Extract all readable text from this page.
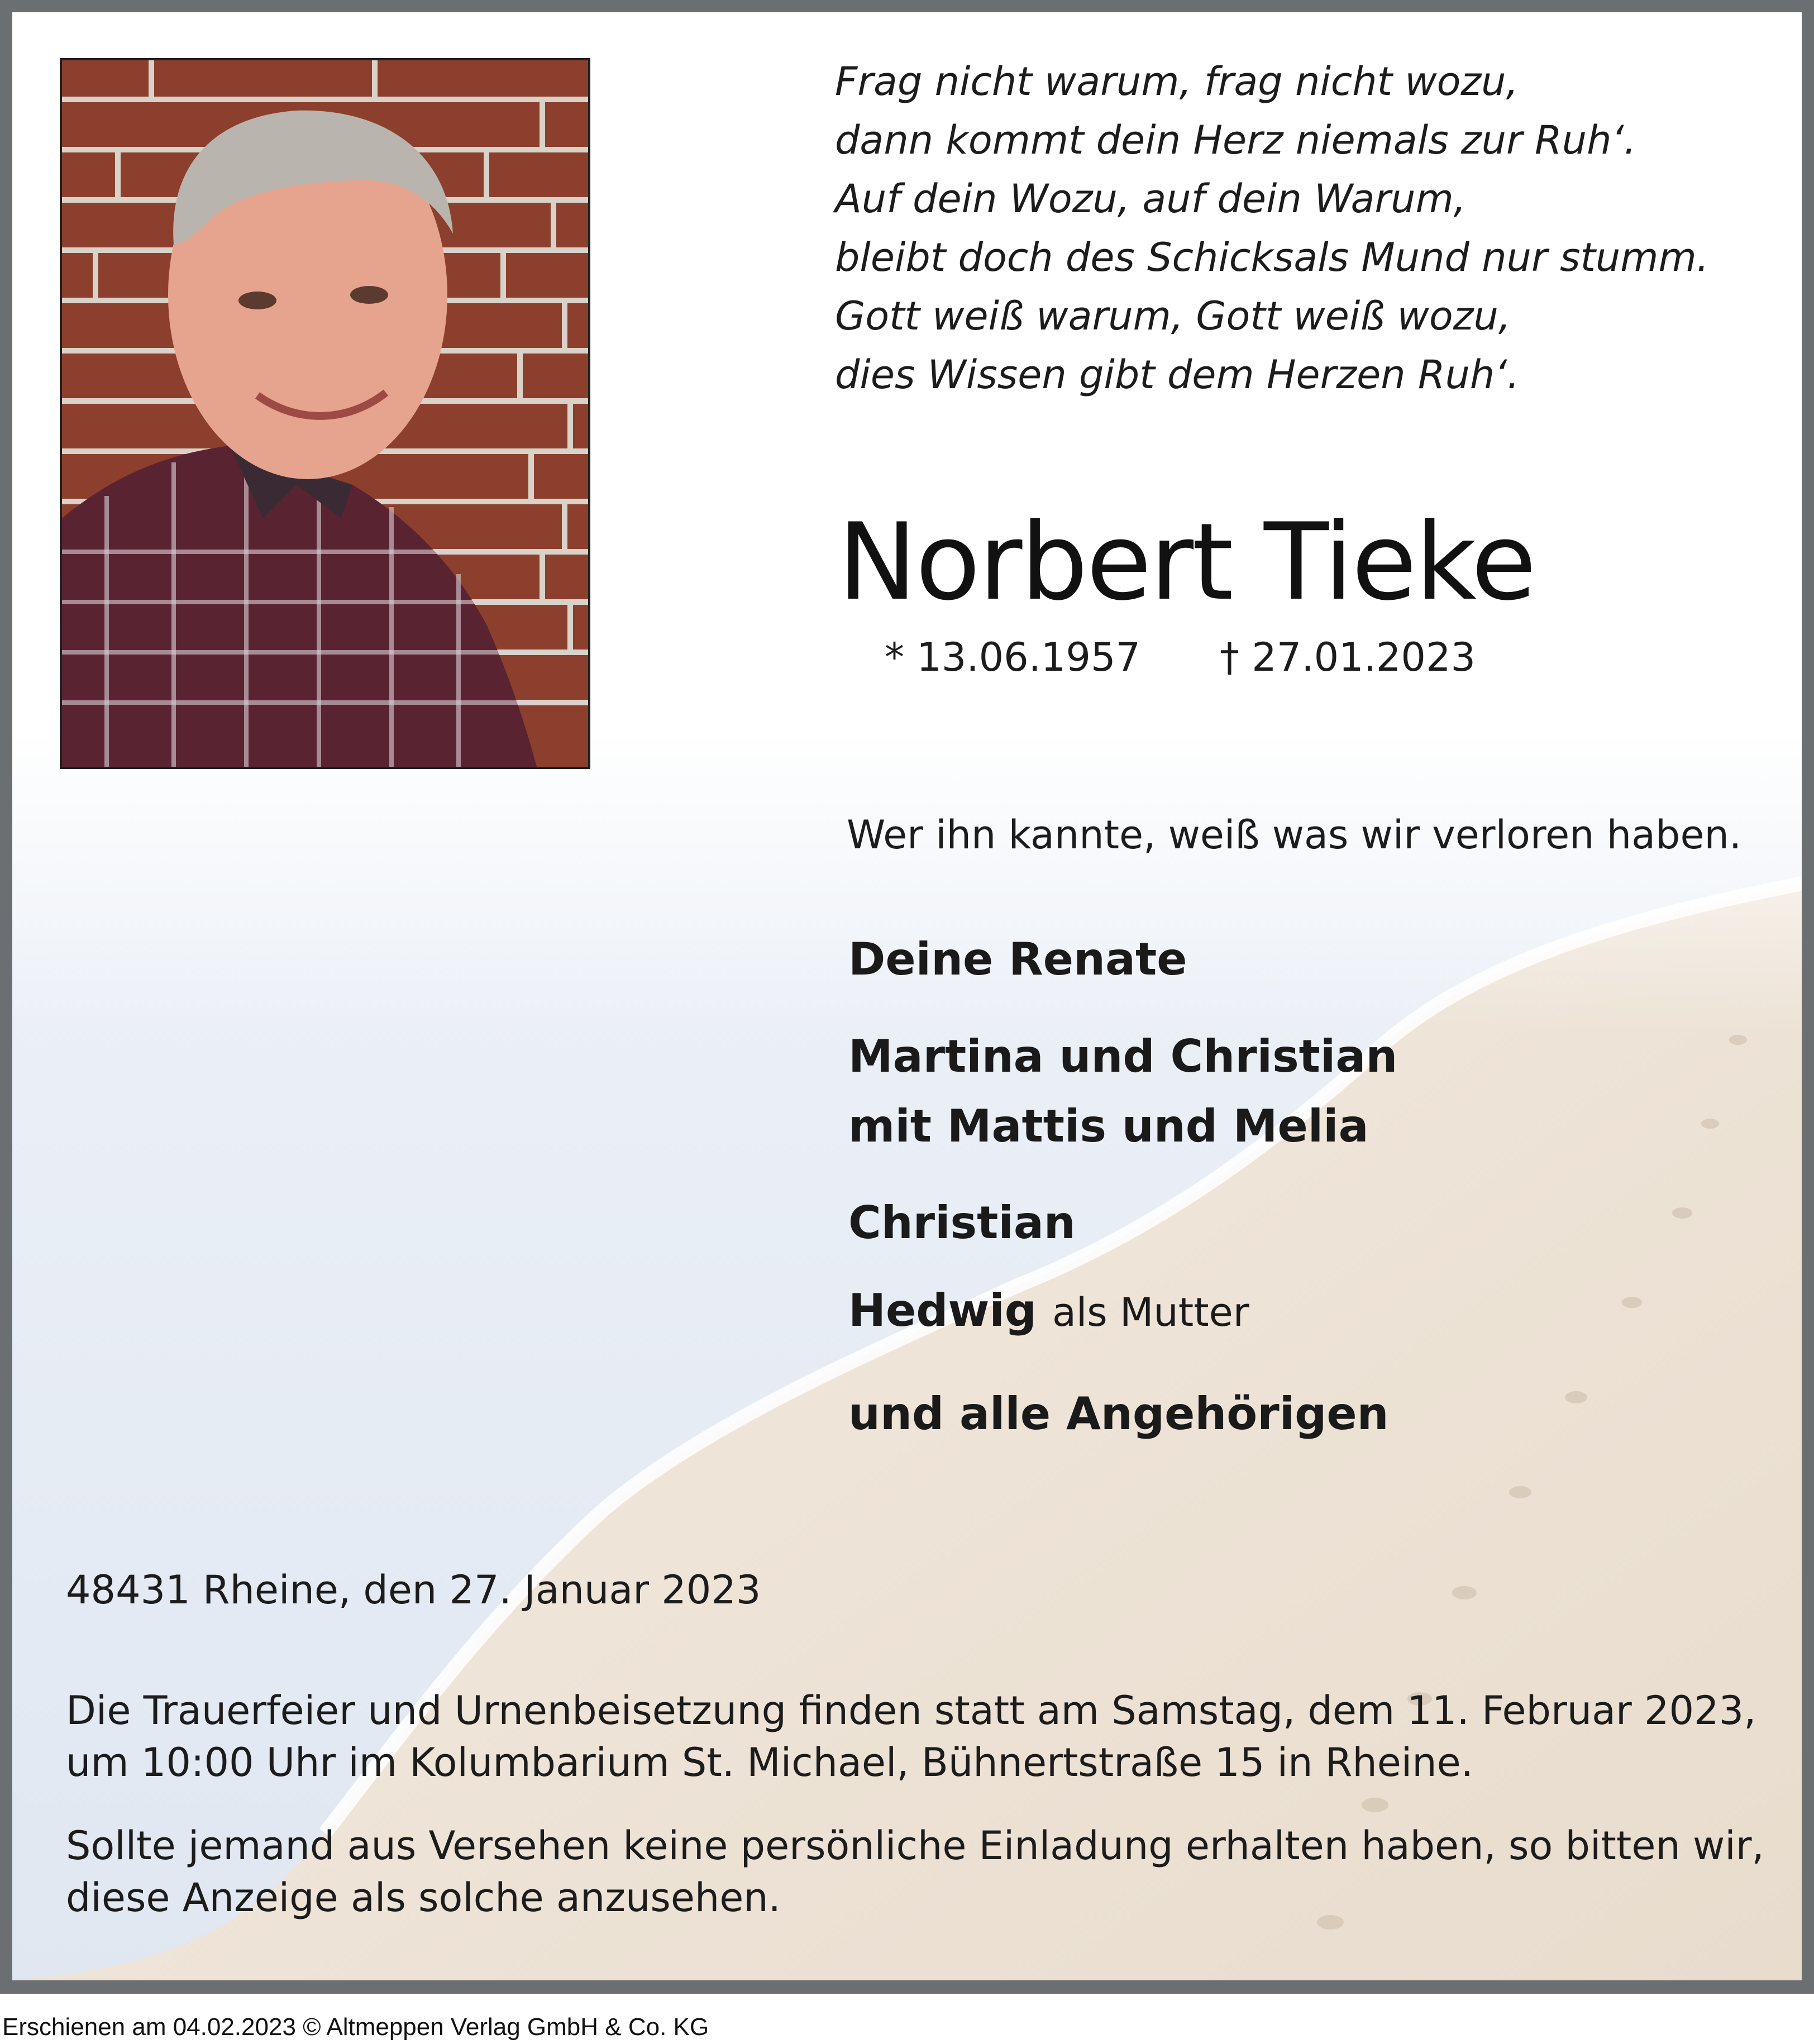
Frag nicht warum, frag nicht wozu,
dann kommt dein Herz niemals zur Ruh‘.
Auf dein Wozu, auf dein Warum,
bleibt doch des Schicksals Mund nur stumm.
Gott weiß warum, Gott weiß wozu,
dies Wissen gibt dem Herzen Ruh‘.
Norbert Tieke
* 13.06.1957 † 27.01.2023
Wer ihn kannte, weiß was wir verloren haben.
Deine Renate
Martina und Christian
mit Mattis und Melia
Christian
Hedwig als Mutter
und alle Angehörigen
48431 Rheine, den 27. Januar 2023
Die Trauerfeier und Urnenbeisetzung finden statt am Samstag, dem 11. Februar 2023,
um 10:00 Uhr im Kolumbarium St. Michael, Bühnertstraße 15 in Rheine.
Sollte jemand aus Versehen keine persönliche Einladung erhalten haben, so bitten wir,
diese Anzeige als solche anzusehen.
Erschienen am 04.02.2023 © Altmeppen Verlag GmbH & Co. KG
